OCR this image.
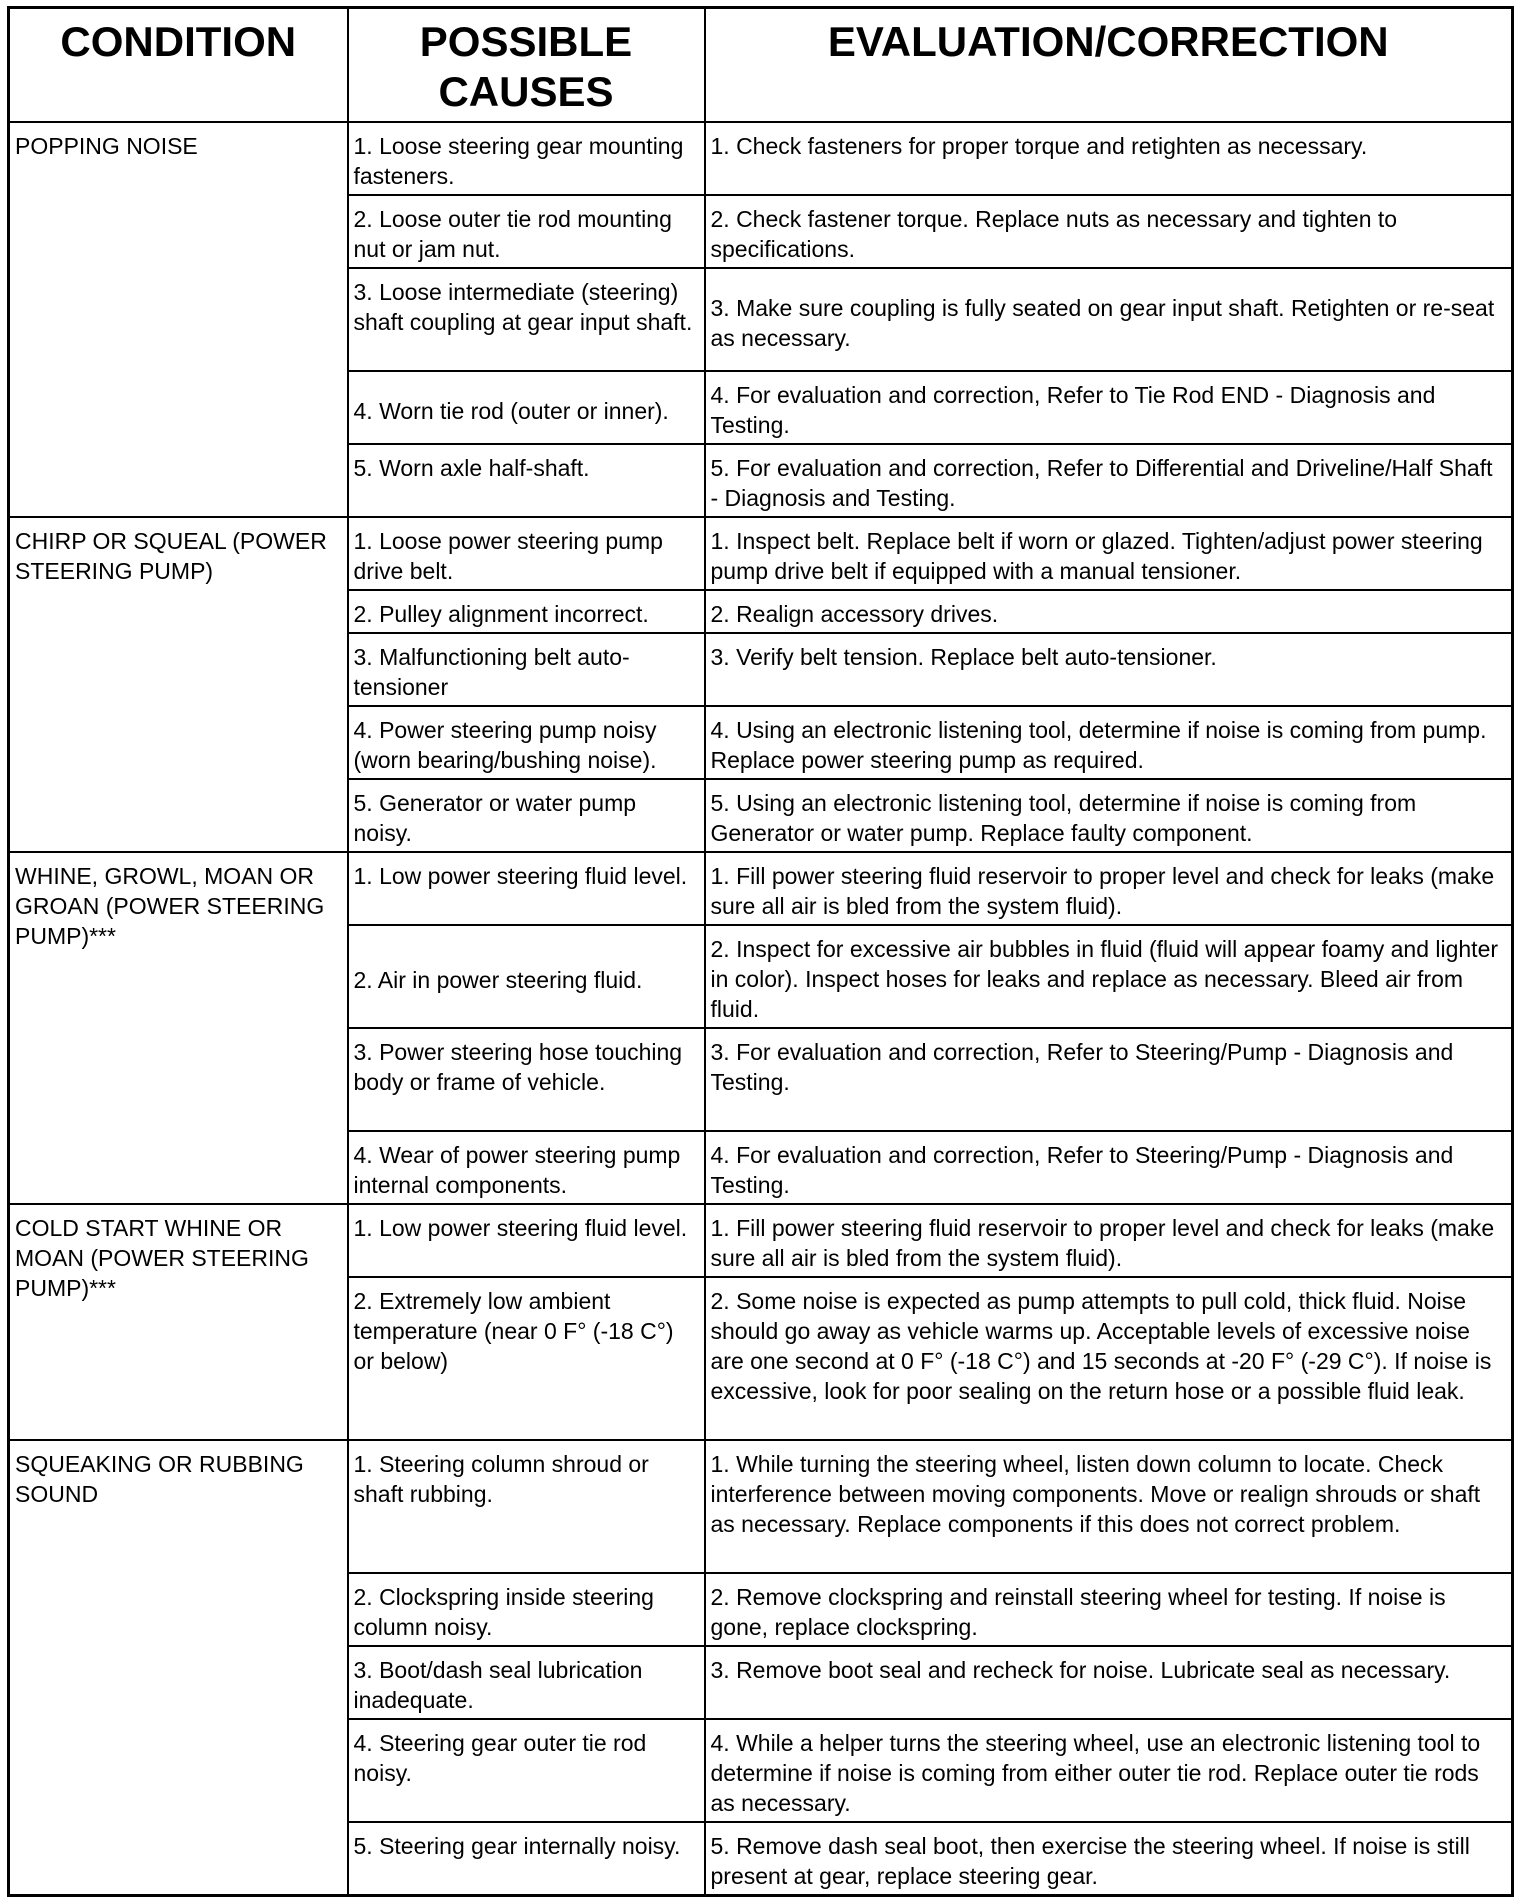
CONDITION	POSSIBLE CAUSES	EVALUATION/CORRECTION
POPPING NOISE	1. Loose steering gear mounting fasteners.	1. Check fasteners for proper torque and retighten as necessary.
	2. Loose outer tie rod mounting nut or jam nut.	2. Check fastener torque. Replace nuts as necessary and tighten to specifications.
	3. Loose intermediate (steering) shaft coupling at gear input shaft.	3. Make sure coupling is fully seated on gear input shaft. Retighten or re-seat as necessary.
	4. Worn tie rod (outer or inner).	4. For evaluation and correction, Refer to Tie Rod END - Diagnosis and Testing.
	5. Worn axle half-shaft.	5. For evaluation and correction, Refer to Differential and Driveline/Half Shaft - Diagnosis and Testing.
CHIRP OR SQUEAL (POWER STEERING PUMP)	1. Loose power steering pump drive belt.	1. Inspect belt. Replace belt if worn or glazed. Tighten/adjust power steering pump drive belt if equipped with a manual tensioner.
	2. Pulley alignment incorrect.	2. Realign accessory drives.
	3. Malfunctioning belt auto-tensioner	3. Verify belt tension. Replace belt auto-tensioner.
	4. Power steering pump noisy (worn bearing/bushing noise).	4. Using an electronic listening tool, determine if noise is coming from pump. Replace power steering pump as required.
	5. Generator or water pump noisy.	5. Using an electronic listening tool, determine if noise is coming from Generator or water pump. Replace faulty component.
WHINE, GROWL, MOAN OR GROAN (POWER STEERING PUMP)***	1. Low power steering fluid level.	1. Fill power steering fluid reservoir to proper level and check for leaks (make sure all air is bled from the system fluid).
	2. Air in power steering fluid.	2. Inspect for excessive air bubbles in fluid (fluid will appear foamy and lighter in color). Inspect hoses for leaks and replace as necessary. Bleed air from fluid.
	3. Power steering hose touching body or frame of vehicle.	3. For evaluation and correction, Refer to Steering/Pump - Diagnosis and Testing.
	4. Wear of power steering pump internal components.	4. For evaluation and correction, Refer to Steering/Pump - Diagnosis and Testing.
COLD START WHINE OR MOAN (POWER STEERING PUMP)***	1. Low power steering fluid level.	1. Fill power steering fluid reservoir to proper level and check for leaks (make sure all air is bled from the system fluid).
	2. Extremely low ambient temperature (near 0 F° (-18 C°) or below)	2. Some noise is expected as pump attempts to pull cold, thick fluid. Noise should go away as vehicle warms up. Acceptable levels of excessive noise are one second at 0 F° (-18 C°) and 15 seconds at -20 F° (-29 C°). If noise is excessive, look for poor sealing on the return hose or a possible fluid leak.
SQUEAKING OR RUBBING SOUND	1. Steering column shroud or shaft rubbing.	1. While turning the steering wheel, listen down column to locate. Check interference between moving components. Move or realign shrouds or shaft as necessary. Replace components if this does not correct problem.
	2. Clockspring inside steering column noisy.	2. Remove clockspring and reinstall steering wheel for testing. If noise is gone, replace clockspring.
	3. Boot/dash seal lubrication inadequate.	3. Remove boot seal and recheck for noise. Lubricate seal as necessary.
	4. Steering gear outer tie rod noisy.	4. While a helper turns the steering wheel, use an electronic listening tool to determine if noise is coming from either outer tie rod. Replace outer tie rods as necessary.
	5. Steering gear internally noisy.	5. Remove dash seal boot, then exercise the steering wheel. If noise is still present at gear, replace steering gear.
